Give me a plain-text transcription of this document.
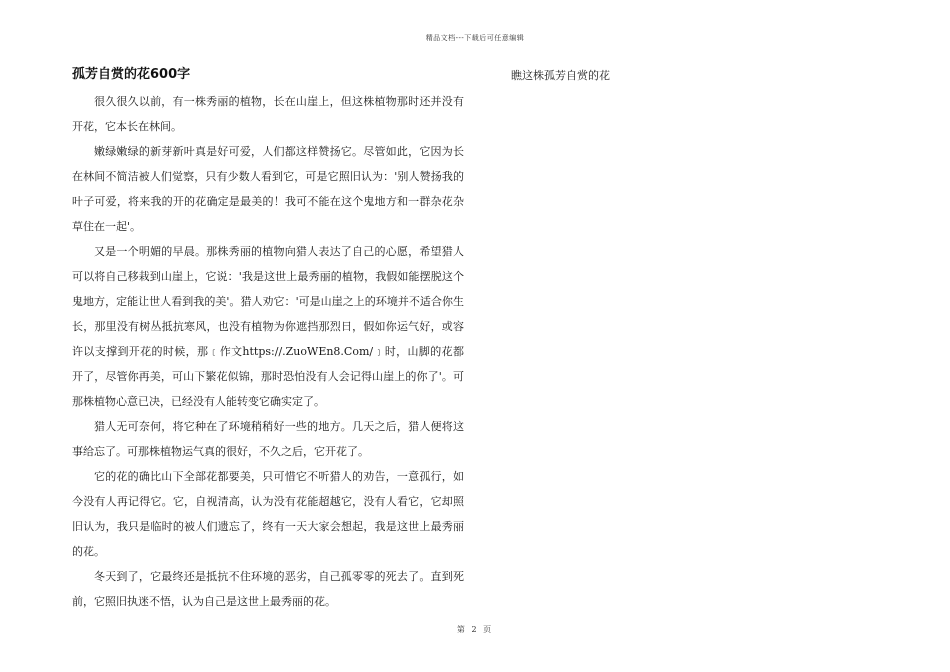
精品文档---下载后可任意编辑
孤芳自赏的花600字

很久很久以前，有一株秀丽的植物，长在山崖上，但这株植物那时还并没有开花，它本长在林间。

嫩绿嫩绿的新芽新叶真是好可爱，人们都这样赞扬它。尽管如此，它因为长在林间不简洁被人们觉察，只有少数人看到它，可是它照旧认为：'别人赞扬我的叶子可爱，将来我的开的花确定是最美的！我可不能在这个鬼地方和一群杂花杂草住在一起'。

又是一个明媚的早晨。那株秀丽的植物向猎人表达了自己的心愿，希望猎人可以将自己移栽到山崖上，它说：'我是这世上最秀丽的植物，我假如能摆脱这个鬼地方，定能让世人看到我的美'。猎人劝它：'可是山崖之上的环境并不适合你生长，那里没有树丛抵抗寒风，也没有植物为你遮挡那烈日，假如你运气好，或容许以支撑到开花的时候，那﹝作文https://.ZuoWEn8.Com/﹞时，山脚的花都开了，尽管你再美，可山下繁花似锦，那时恐怕没有人会记得山崖上的你了'。可那株植物心意已决，已经没有人能转变它确实定了。

猎人无可奈何，将它种在了环境稍稍好一些的地方。几天之后，猎人便将这事给忘了。可那株植物运气真的很好，不久之后，它开花了。

它的花的确比山下全部花都要美，只可惜它不听猎人的劝告，一意孤行，如今没有人再记得它。它，自视清高，认为没有花能超越它，没有人看它，它却照旧认为，我只是临时的被人们遗忘了，终有一天大家会想起，我是这世上最秀丽的花。

冬天到了，它最终还是抵抗不住环境的恶劣，自己孤零零的死去了。直到死前，它照旧执迷不悟，认为自己是这世上最秀丽的花。

瞧这株孤芳自赏的花
第 2 页
